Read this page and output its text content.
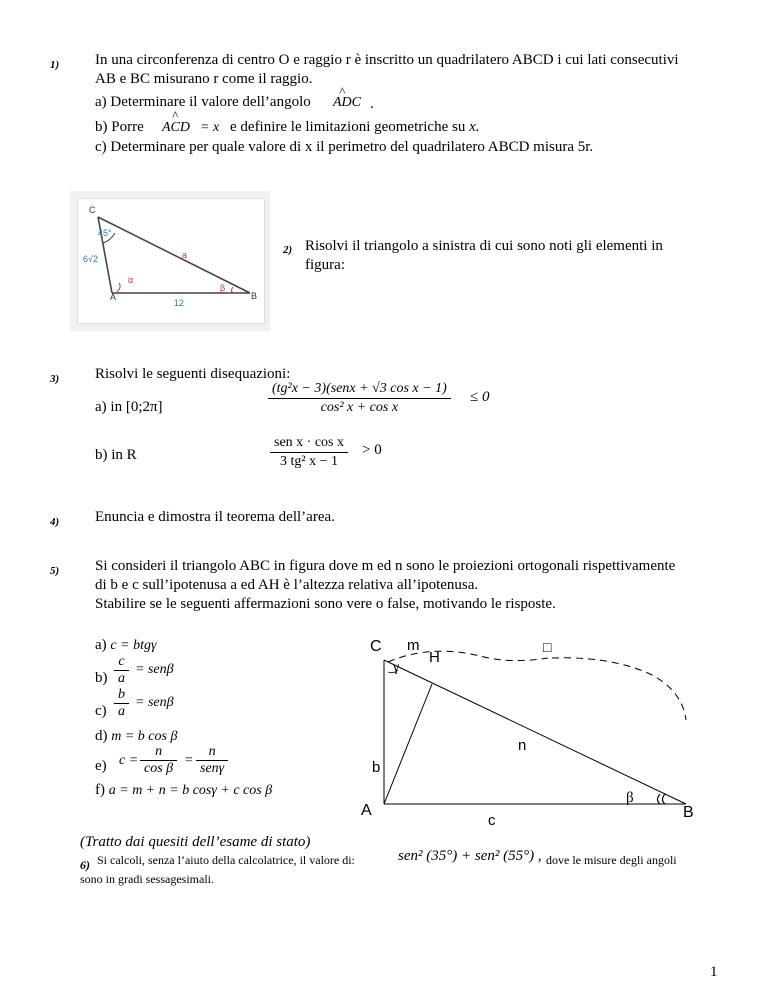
1) In una circonferenza di centro O e raggio r è inscritto un quadrilatero ABCD i cui lati consecutivi
AB e BC misurano r come il raggio.
a) Determinare il valore dell’angolo
^
ADC .
b) Porre
^
ACD = x e definire le limitazioni geometriche su x.
c) Determinare per quale valore di x il perimetro del quadrilatero ABCD misura 5r.
C
45°
a
6√2
α
β
A	B
12
2) Risolvi il triangolo a sinistra di cui sono noti gli elementi in
figura:
3) Risolvi le seguenti disequazioni:
a) in [0;2π]
(tg²x − 3)(senx + √3 cos x − 1)
cos² x + cos x
≤ 0
b) in R
sen x · cos x
3 tg² x − 1
> 0
4) Enuncia e dimostra il teorema dell’area.
5) Si consideri il triangolo ABC in figura dove m ed n sono le proiezioni ortogonali rispettivamente
di b e c sull’ipotenusa a ed AH è l’altezza relativa all’ipotenusa.
Stabilire se le seguenti affermazioni sono vere o false, motivando le risposte.
a) c = btgγ
$b) \frac{c}{a} = sen\beta$
$c) \frac{b}{a} = sen\beta$
d) m = b cos β
e) $c = \frac{n}{\text{cos β}}$ =
n
senγ
f) a = m + n = b cosγ + c cos β
C m
H
γ
n
b
A
c
β
B
□
(Tratto dai quesiti dell’esame di stato)
6) Si calcoli, senza l’aiuto della calcolatrice, il valore di:	sen² (35°) + sen² (55°) , dove le misure degli angoli
sono in gradi sessagesimali.
1
